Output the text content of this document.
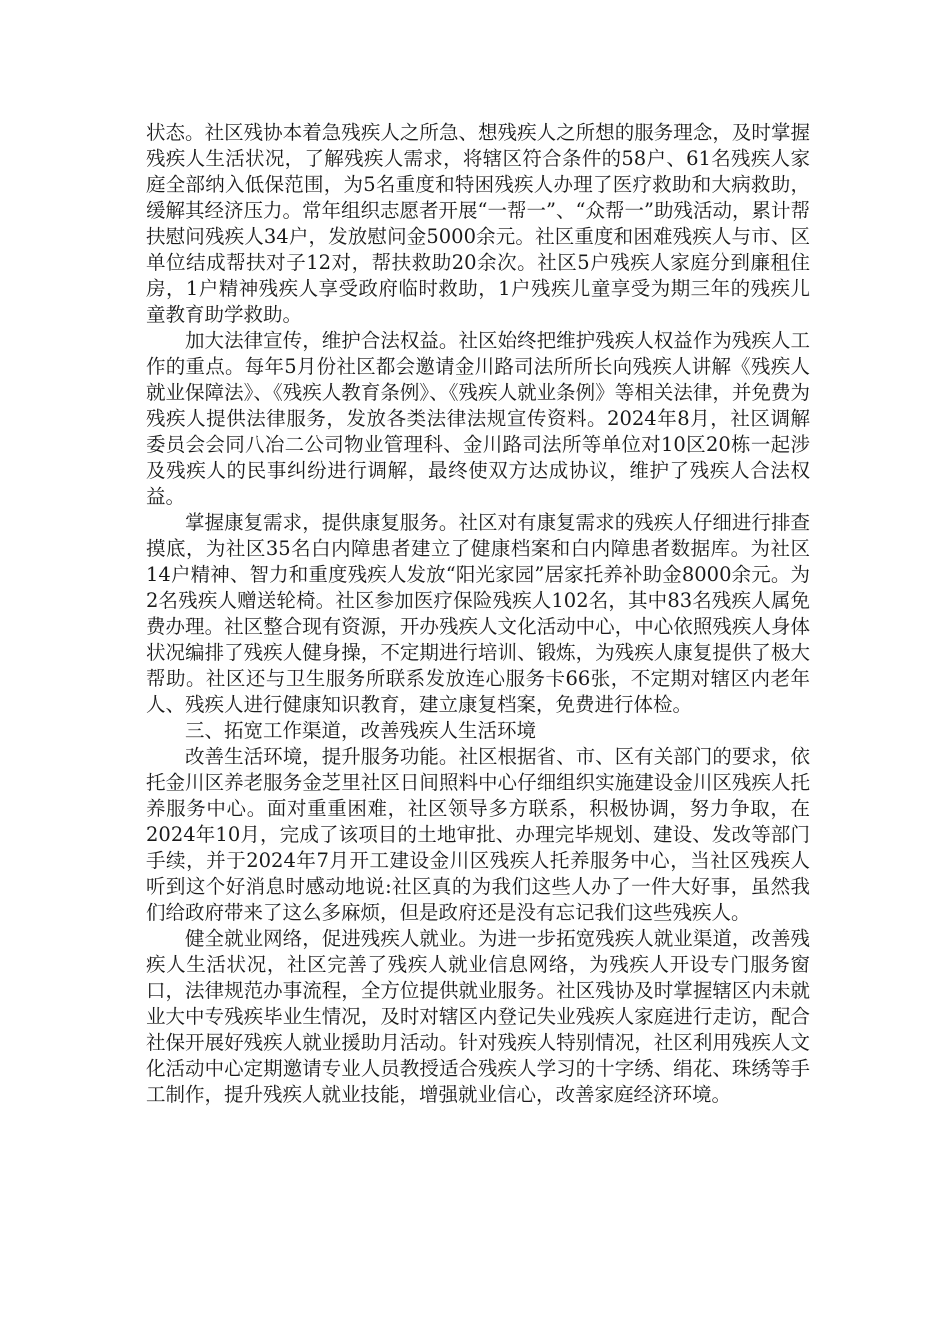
状态。社区残协本着急残疾人之所急、想残疾人之所想的服务理念，及时掌握残疾人生活状况，了解残疾人需求，将辖区符合条件的58户、61名残疾人家庭全部纳入低保范围，为5名重度和特困残疾人办理了医疗救助和大病救助，缓解其经济压力。常年组织志愿者开展“一帮一”、“众帮一”助残活动，累计帮扶慰问残疾人34户，发放慰问金5000余元。社区重度和困难残疾人与市、区单位结成帮扶对子12对，帮扶救助20余次。社区5户残疾人家庭分到廉租住房，1户精神残疾人享受政府临时救助，1户残疾儿童享受为期三年的残疾儿童教育助学救助。

加大法律宣传，维护合法权益。社区始终把维护残疾人权益作为残疾人工作的重点。每年5月份社区都会邀请金川路司法所所长向残疾人讲解《残疾人就业保障法》、《残疾人教育条例》、《残疾人就业条例》等相关法律，并免费为残疾人提供法律服务，发放各类法律法规宣传资料。2024年8月，社区调解委员会会同八冶二公司物业管理科、金川路司法所等单位对10区20栋一起涉及残疾人的民事纠纷进行调解，最终使双方达成协议，维护了残疾人合法权益。

掌握康复需求，提供康复服务。社区对有康复需求的残疾人仔细进行排查摸底，为社区35名白内障患者建立了健康档案和白内障患者数据库。为社区14户精神、智力和重度残疾人发放“阳光家园”居家托养补助金8000余元。为2名残疾人赠送轮椅。社区参加医疗保险残疾人102名，其中83名残疾人属免费办理。社区整合现有资源，开办残疾人文化活动中心，中心依照残疾人身体状况编排了残疾人健身操，不定期进行培训、锻炼，为残疾人康复提供了极大帮助。社区还与卫生服务所联系发放连心服务卡66张，不定期对辖区内老年人、残疾人进行健康知识教育，建立康复档案，免费进行体检。

三、拓宽工作渠道，改善残疾人生活环境

改善生活环境，提升服务功能。社区根据省、市、区有关部门的要求，依托金川区养老服务金芝里社区日间照料中心仔细组织实施建设金川区残疾人托养服务中心。面对重重困难，社区领导多方联系，积极协调，努力争取，在2024年10月，完成了该项目的土地审批、办理完毕规划、建设、发改等部门手续，并于2024年7月开工建设金川区残疾人托养服务中心，当社区残疾人听到这个好消息时感动地说:社区真的为我们这些人办了一件大好事，虽然我们给政府带来了这么多麻烦，但是政府还是没有忘记我们这些残疾人。

健全就业网络，促进残疾人就业。为进一步拓宽残疾人就业渠道，改善残疾人生活状况，社区完善了残疾人就业信息网络，为残疾人开设专门服务窗口，法律规范办事流程，全方位提供就业服务。社区残协及时掌握辖区内未就业大中专残疾毕业生情况，及时对辖区内登记失业残疾人家庭进行走访，配合社保开展好残疾人就业援助月活动。针对残疾人特别情况，社区利用残疾人文化活动中心定期邀请专业人员教授适合残疾人学习的十字绣、绢花、珠绣等手工制作，提升残疾人就业技能，增强就业信心，改善家庭经济环境。
